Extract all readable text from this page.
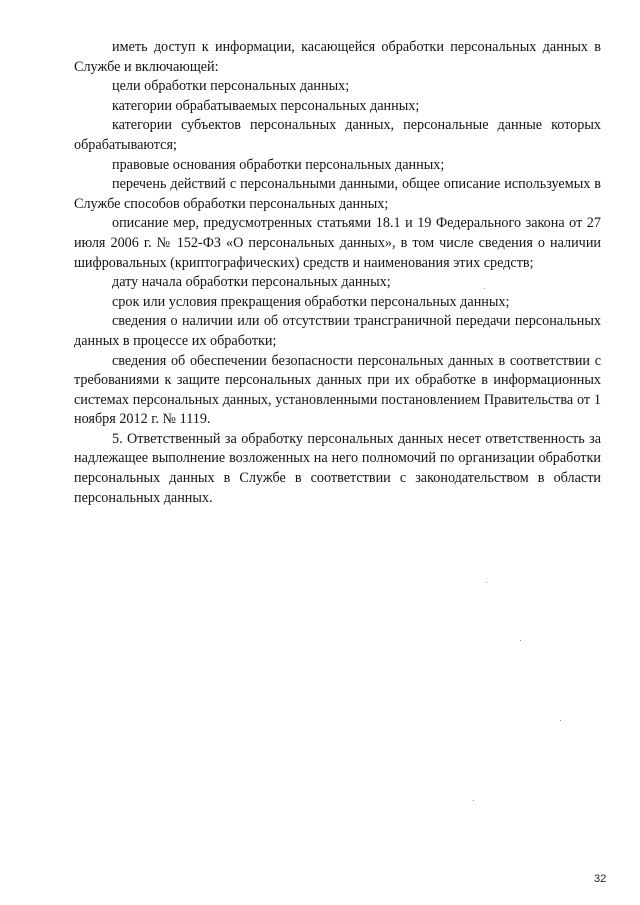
иметь доступ к информации, касающейся обработки персональных данных в Службе и включающей:

цели обработки персональных данных;

категории обрабатываемых персональных данных;

категории субъектов персональных данных, персональные данные которых обрабатываются;

правовые основания обработки персональных данных;

перечень действий с персональными данными, общее описание используемых в Службе способов обработки персональных данных;

описание мер, предусмотренных статьями 18.1 и 19 Федерального закона от 27 июля 2006 г. № 152-ФЗ «О персональных данных», в том числе сведения о наличии шифровальных (криптографических) средств и наименования этих средств;

дату начала обработки персональных данных;

срок или условия прекращения обработки персональных данных;

сведения о наличии или об отсутствии трансграничной передачи персональных данных в процессе их обработки;

сведения об обеспечении безопасности персональных данных в соответствии с требованиями к защите персональных данных при их обработке в информационных системах персональных данных, установленными постановлением Правительства от 1 ноября 2012 г. № 1119.

5. Ответственный за обработку персональных данных несет ответственность за надлежащее выполнение возложенных на него полномочий по организации обработки персональных данных в Службе в соответствии с законодательством в области персональных данных.

32
